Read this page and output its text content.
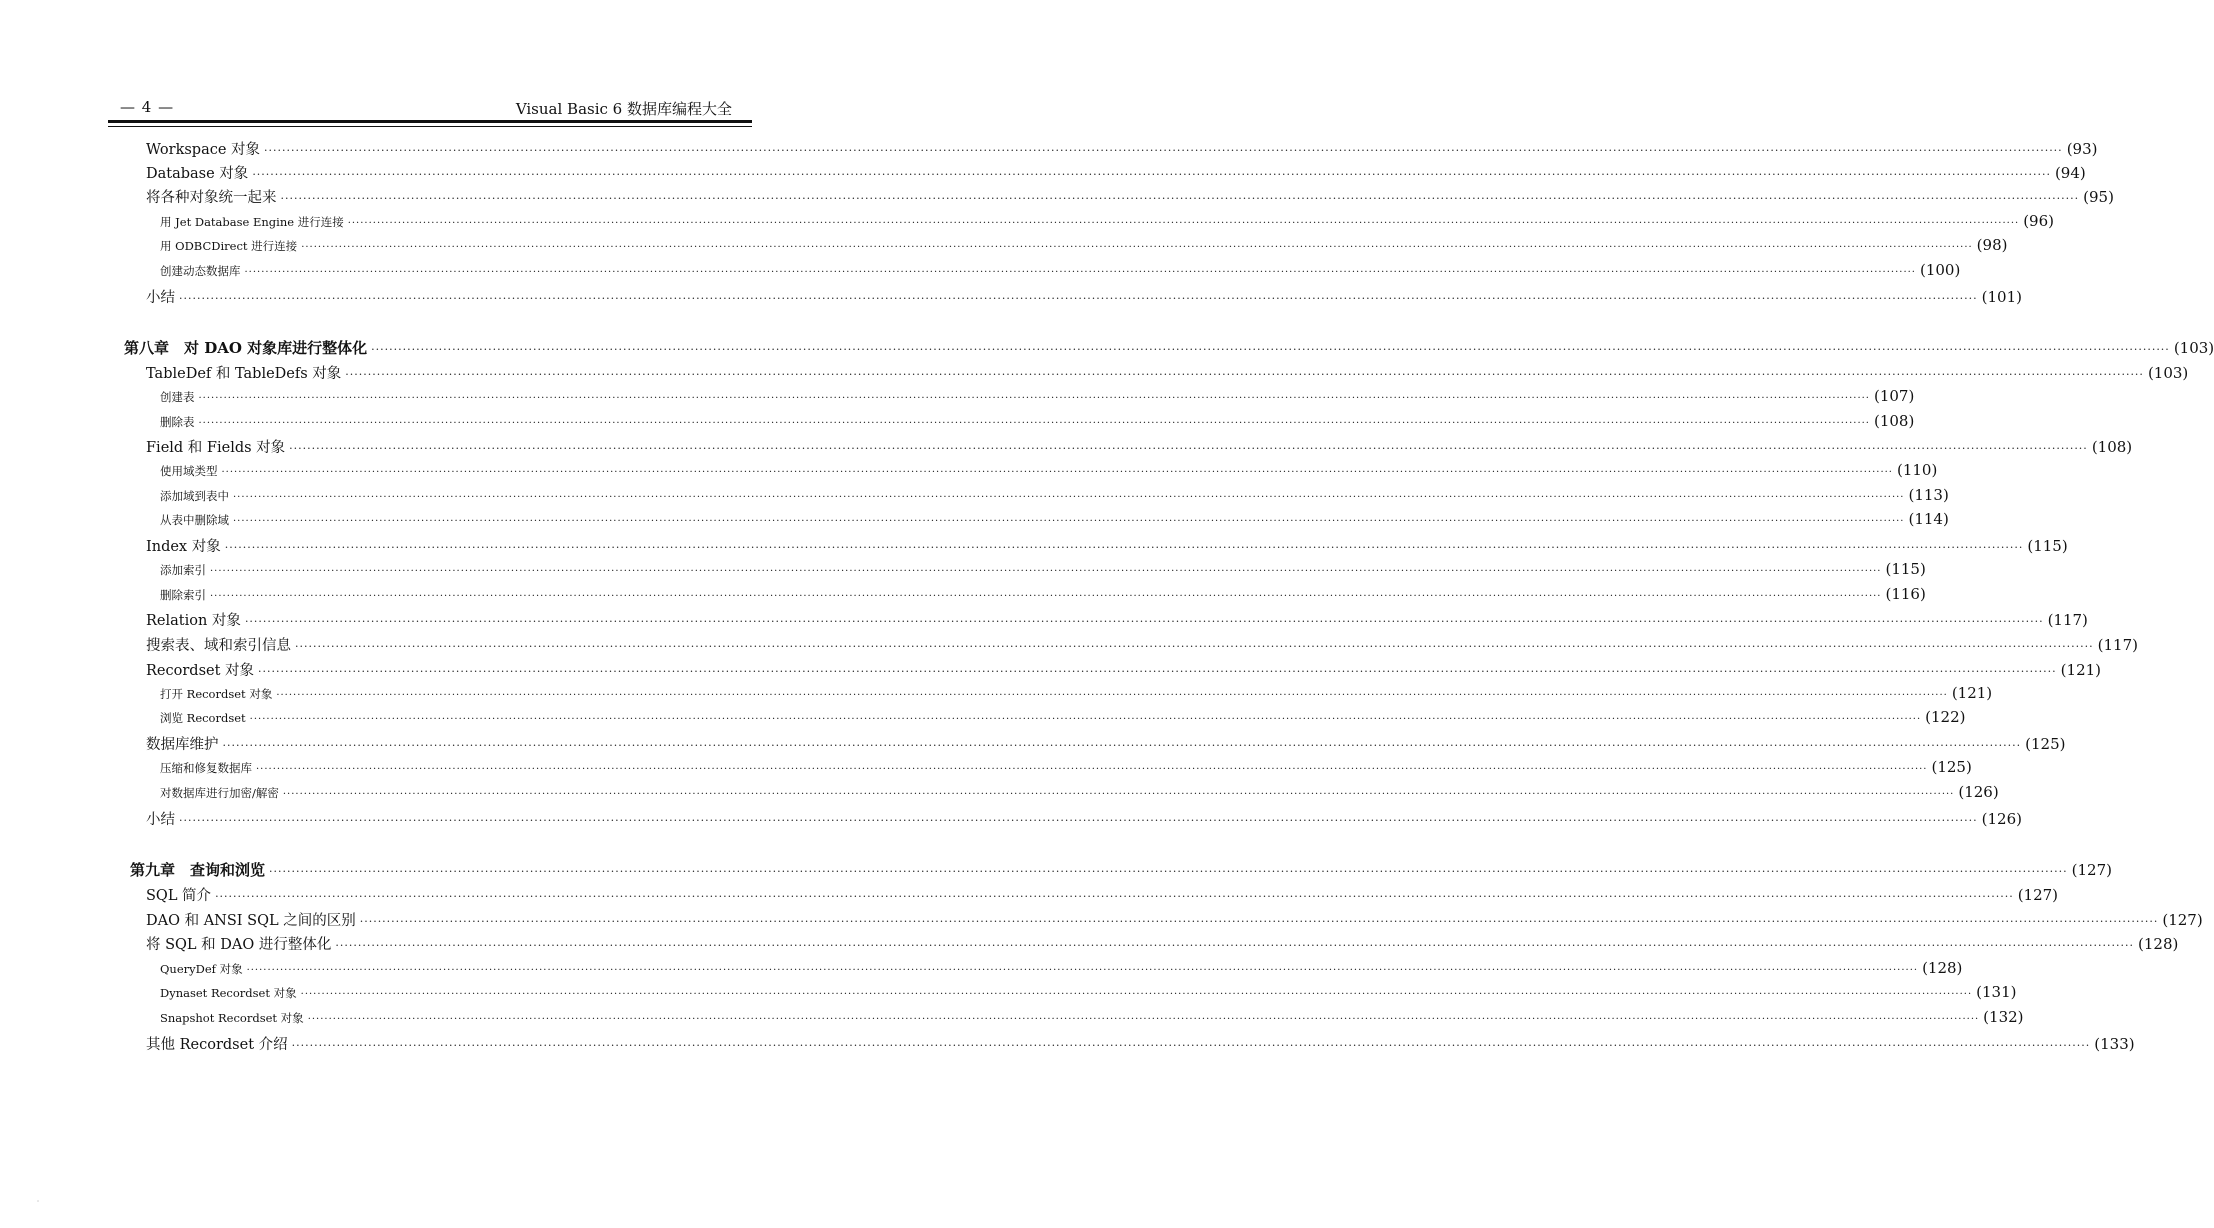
— 4 —	Visual Basic 6 数据库编程大全
Workspace 对象 ················································································································································································································································································································································································································ (93)
Database 对象 ················································································································································································································································································································································································································ (94)
将各种对象统一起来 ················································································································································································································································································································································································································ (95)
用 Jet Database Engine 进行连接 ················································································································································································································································································································································································································ (96)
用 ODBCDirect 进行连接 ················································································································································································································································································································································································································ (98)
创建动态数据库 ················································································································································································································································································································································································································ (100)
小结 ················································································································································································································································································································································································································ (101)
第八章　对 DAO 对象库进行整体化 ················································································································································································································································································································································································································ (103)
TableDef 和 TableDefs 对象 ················································································································································································································································································································································································································ (103)
创建表 ················································································································································································································································································································································································································ (107)
删除表 ················································································································································································································································································································································································································ (108)
Field 和 Fields 对象 ················································································································································································································································································································································································································ (108)
使用域类型 ················································································································································································································································································································································································································ (110)
添加域到表中 ················································································································································································································································································································································································································ (113)
从表中删除域 ················································································································································································································································································································································································································ (114)
Index 对象 ················································································································································································································································································································································································································ (115)
添加索引 ················································································································································································································································································································································································································ (115)
删除索引 ················································································································································································································································································································································································································ (116)
Relation 对象 ················································································································································································································································································································································································································ (117)
搜索表、域和索引信息 ················································································································································································································································································································································································································ (117)
Recordset 对象 ················································································································································································································································································································································································································ (121)
打开 Recordset 对象 ················································································································································································································································································································································································································ (121)
浏览 Recordset ················································································································································································································································································································································································································ (122)
数据库维护 ················································································································································································································································································································································································································ (125)
压缩和修复数据库 ················································································································································································································································································································································································································ (125)
对数据库进行加密/解密 ················································································································································································································································································································································································································ (126)
小结 ················································································································································································································································································································································································································ (126)
第九章　查询和浏览 ················································································································································································································································································································································································································ (127)
SQL 简介 ················································································································································································································································································································································································································ (127)
DAO 和 ANSI SQL 之间的区别 ················································································································································································································································································································································································································ (127)
将 SQL 和 DAO 进行整体化 ················································································································································································································································································································································································································ (128)
QueryDef 对象 ················································································································································································································································································································································································································ (128)
Dynaset Recordset 对象 ················································································································································································································································································································································································································ (131)
Snapshot Recordset 对象 ················································································································································································································································································································································································································ (132)
其他 Recordset 介绍 ················································································································································································································································································································································································································ (133)
˙
